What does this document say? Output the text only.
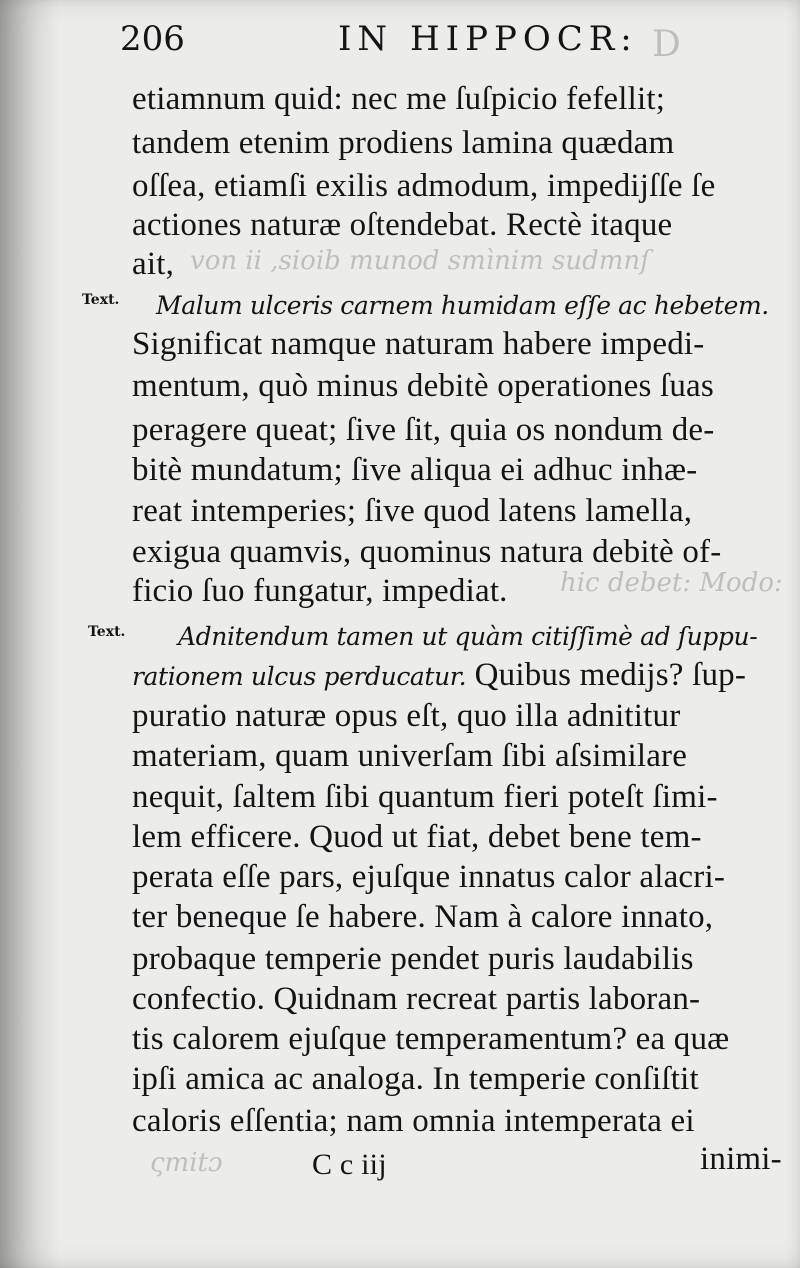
D
von ii ,sioib munod smìnim sudmnſ
hic debet: Modo:
ςmitɔ
206	IN HIPPOCR:
etiamnum quid: nec me ſuſpicio fefellit;
tandem etenim prodiens lamina quædam
oſſea, etiamſi exilis admodum, impedijſſe ſe
actiones naturæ oſtendebat. Rectè itaque
ait,
Text. Malum ulceris carnem humidam eſſe ac hebetem.
Significat namque naturam habere impedi-
mentum, quò minus debitè operationes ſuas
peragere queat; ſive ſit, quia os nondum de-
bitè mundatum; ſive aliqua ei adhuc inhæ-
reat intemperies; ſive quod latens lamella,
exigua quamvis, quominus natura debitè of-
ficio ſuo fungatur, impediat.
Text. Adnitendum tamen ut quàm citiſſimè ad ſuppu-
rationem ulcus perducatur. Quibus medijs? ſup-
puratio naturæ opus eſt, quo illa adnititur
materiam, quam univerſam ſibi aſsimilare
nequit, ſaltem ſibi quantum fieri poteſt ſimi-
lem efficere. Quod ut fiat, debet bene tem-
perata eſſe pars, ejuſque innatus calor alacri-
ter beneque ſe habere. Nam à calore innato,
probaque temperie pendet puris laudabilis
confectio. Quidnam recreat partis laboran-
tis calorem ejuſque temperamentum? ea quæ
ipſi amica ac analoga. In temperie conſiſtit
caloris eſſentia; nam omnia intemperata ei
C c iij	inimi-
